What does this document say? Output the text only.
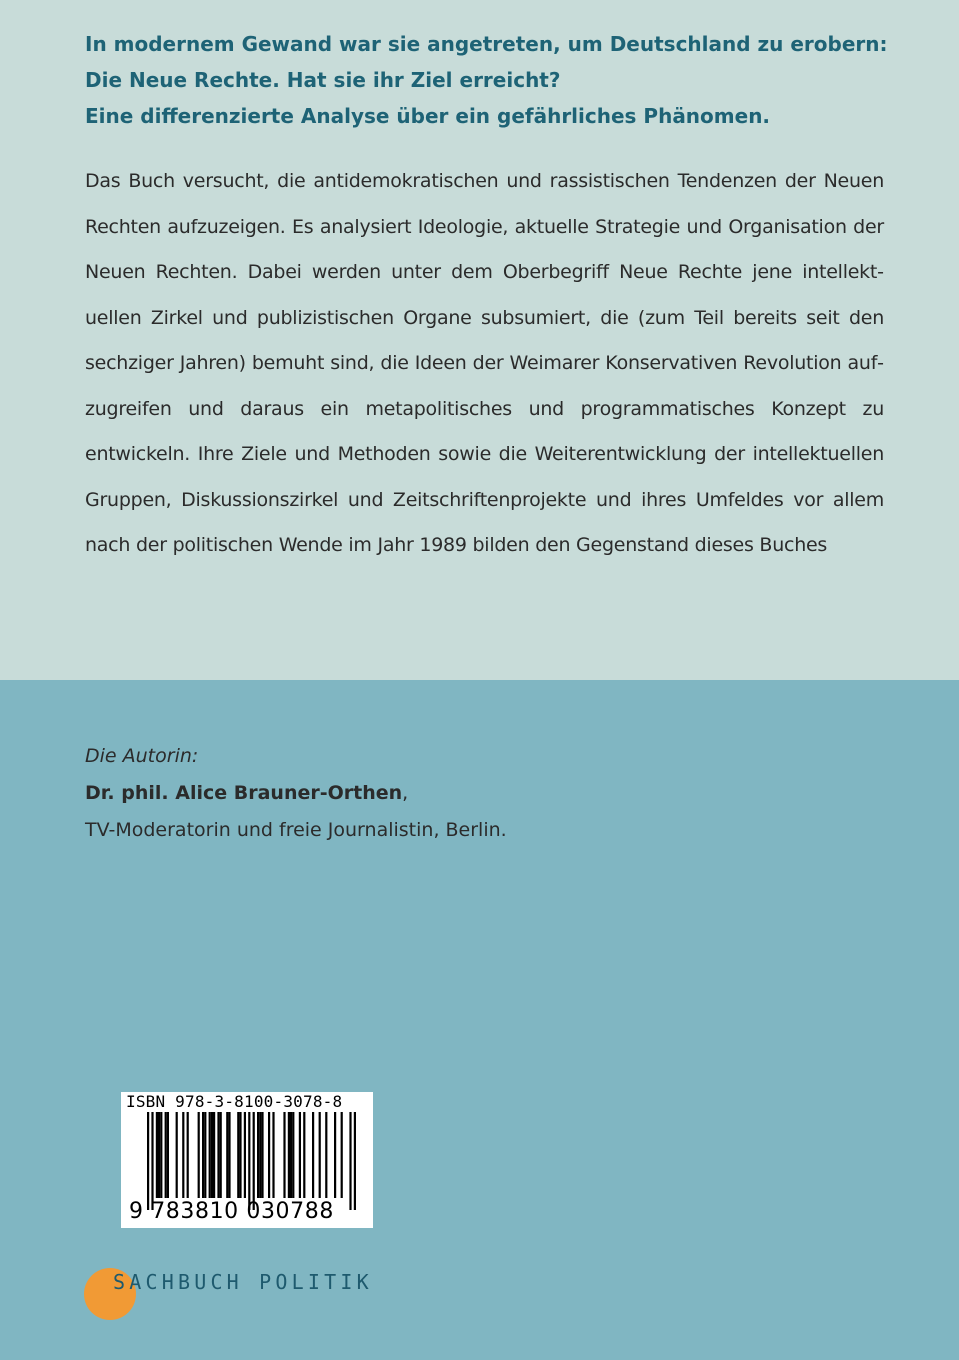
In modernem Gewand war sie angetreten, um Deutschland zu erobern:
Die Neue Rechte. Hat sie ihr Ziel erreicht?
Eine differenzierte Analyse über ein gefährliches Phänomen.
Das Buch versucht, die antidemokratischen und rassistischen Tendenzen der Neuen Rechten aufzuzeigen. Es analysiert Ideologie, aktuelle Strategie und Organisation der Neuen Rechten. Dabei werden unter dem Oberbegriff Neue Rechte jene intellektuellen Zirkel und publizistischen Organe subsumiert, die (zum Teil bereits seit den sechziger Jahren) bemuht sind, die Ideen der Weimarer Konservativen Revolution aufzugreifen und daraus ein metapolitisches und programmatisches Konzept zu entwickeln. Ihre Ziele und Methoden sowie die Weiterentwicklung der intellektuellen Gruppen, Diskussionszirkel und Zeitschriftenprojekte und ihres Umfeldes vor allem nach der politischen Wende im Jahr 1989 bilden den Gegenstand dieses Buches
Die Autorin:
Dr. phil. Alice Brauner-Orthen,
TV-Moderatorin und freie Journalistin, Berlin.
ISBN 978-3-8100-3078-8
9 783810 030788
SACHBUCH POLITIK
